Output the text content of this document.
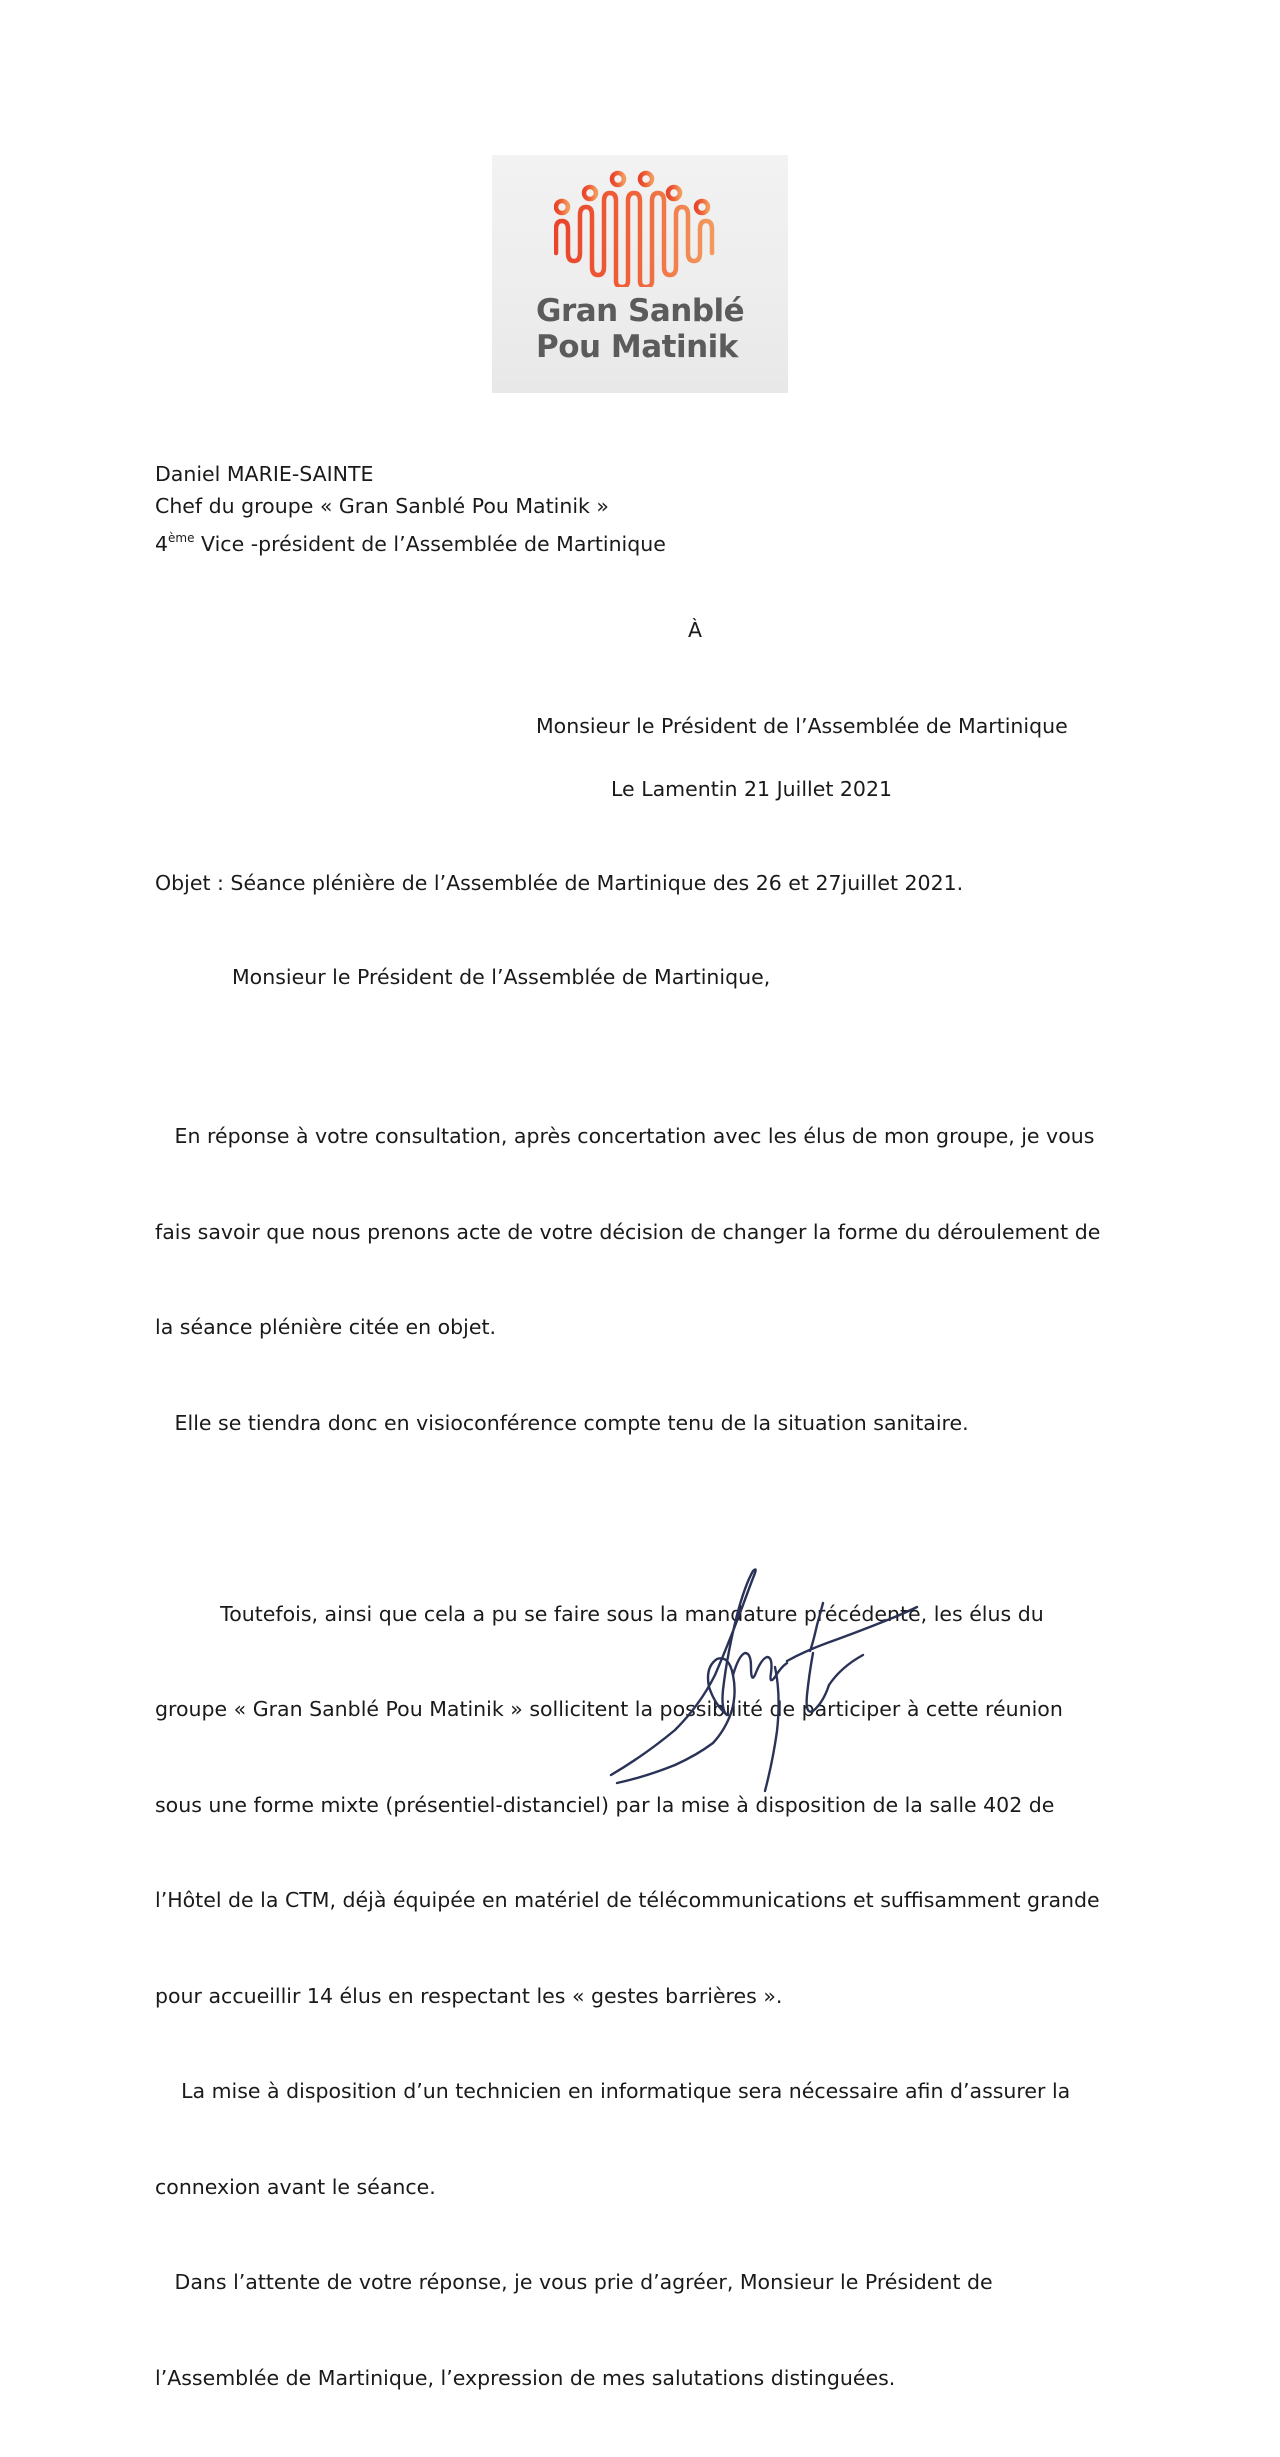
Gran Sanblé
Pou Matinik
Daniel MARIE-SAINTE
Chef du groupe « Gran Sanblé Pou Matinik »
4ème Vice -président de l’Assemblée de Martinique
À
Monsieur le Président de l’Assemblée de Martinique
Le Lamentin 21 Juillet 2021
Objet : Séance plénière de l’Assemblée de Martinique des 26 et 27juillet 2021.
Monsieur le Président de l’Assemblée de Martinique,

En réponse à votre consultation, après concertation avec les élus de mon groupe, je vous

fais savoir que nous prenons acte de votre décision de changer la forme du déroulement de

la séance plénière citée en objet.

Elle se tiendra donc en visioconférence compte tenu de la situation sanitaire.

Toutefois, ainsi que cela a pu se faire sous la mandature précédente, les élus du

groupe « Gran Sanblé Pou Matinik » sollicitent la possibilité de participer à cette réunion

sous une forme mixte (présentiel-distanciel) par la mise à disposition de la salle 402 de

l’Hôtel de la CTM, déjà équipée en matériel de télécommunications et suffisamment grande

pour accueillir 14 élus en respectant les « gestes barrières ».

La mise à disposition d’un technicien en informatique sera nécessaire afin d’assurer la

connexion avant le séance.

Dans l’attente de votre réponse, je vous prie d’agréer, Monsieur le Président de

l’Assemblée de Martinique, l’expression de mes salutations distinguées.
